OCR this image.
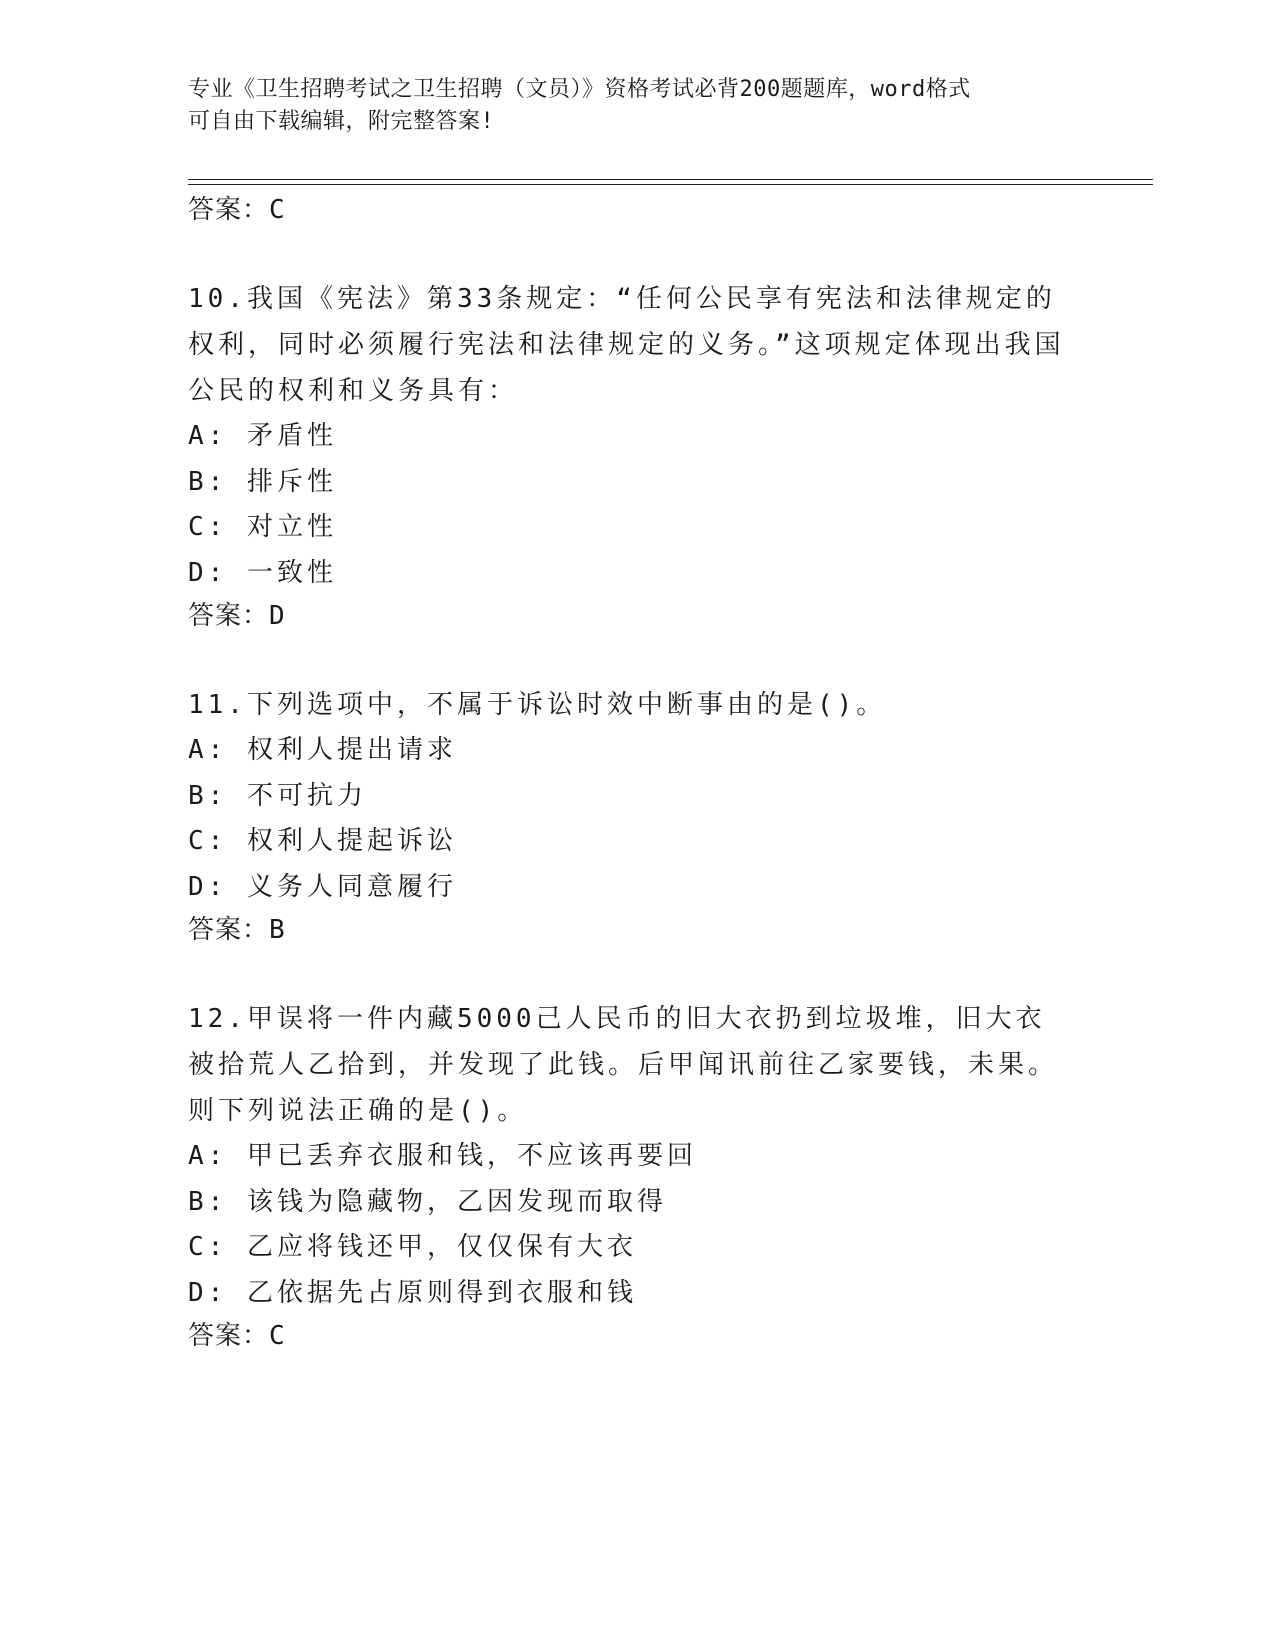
专业《卫生招聘考试之卫生招聘（文员）》资格考试必背200题题库，word格式
可自由下载编辑，附完整答案!
答案：C

10.我国《宪法》第33条规定：“任何公民享有宪法和法律规定的权利，同时必须履行宪法和法律规定的义务。”这项规定体现出我国公民的权利和义务具有：

A: 矛盾性
B: 排斥性
C: 对立性
D: 一致性
答案：D

11.下列选项中，不属于诉讼时效中断事由的是()。

A: 权利人提出请求
B: 不可抗力
C: 权利人提起诉讼
D: 义务人同意履行
答案：B

12.甲误将一件内藏5000己人民币的旧大衣扔到垃圾堆，旧大衣被拾荒人乙拾到，并发现了此钱。后甲闻讯前往乙家要钱，未果。则下列说法正确的是()。

A: 甲已丢弃衣服和钱，不应该再要回
B: 该钱为隐藏物，乙因发现而取得
C: 乙应将钱还甲，仅仅保有大衣
D: 乙依据先占原则得到衣服和钱
答案：C
